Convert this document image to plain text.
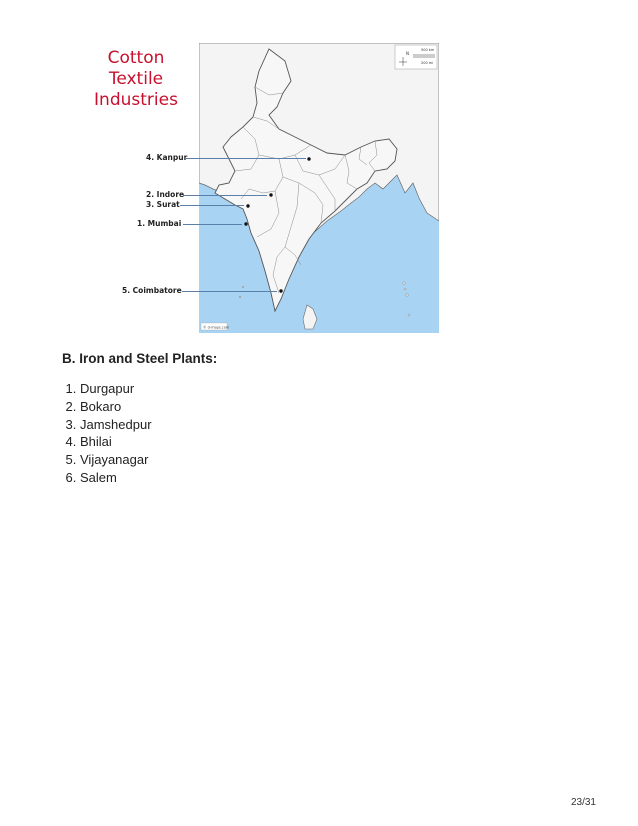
Cotton
Textile
Industries
N
500 km
200 mi
© d-maps.com
4. Kanpur
2. Indore
3. Surat
1. Mumbai
5. Coimbatore
B. Iron and Steel Plants:
1. Durgapur
2. Bokaro
3. Jamshedpur
4. Bhilai
5. Vijayanagar
6. Salem
23/31
